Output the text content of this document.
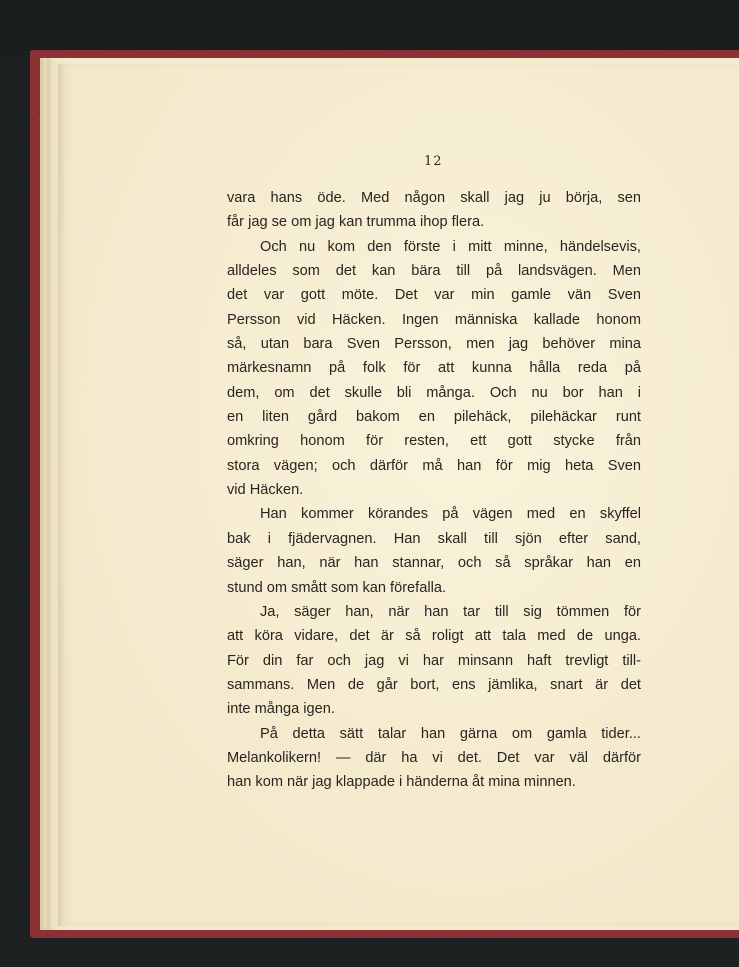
12
vara hans öde. Med någon skall jag ju börja, sen
får jag se om jag kan trumma ihop flera.
Och nu kom den förste i mitt minne, händelsevis,
alldeles som det kan bära till på landsvägen. Men
det var gott möte. Det var min gamle vän Sven
Persson vid Häcken. Ingen människa kallade honom
så, utan bara Sven Persson, men jag behöver mina
märkesnamn på folk för att kunna hålla reda på
dem, om det skulle bli många. Och nu bor han i
en liten gård bakom en pilehäck, pilehäckar runt
omkring honom för resten, ett gott stycke från
stora vägen; och därför må han för mig heta Sven
vid Häcken.
Han kommer körandes på vägen med en skyffel
bak i fjädervagnen. Han skall till sjön efter sand,
säger han, när han stannar, och så språkar han en
stund om smått som kan förefalla.
Ja, säger han, när han tar till sig tömmen för
att köra vidare, det är så roligt att tala med de unga.
För din far och jag vi har minsann haft trevligt till-
sammans. Men de går bort, ens jämlika, snart är det
inte många igen.
På detta sätt talar han gärna om gamla tider...
Melankolikern! — där ha vi det. Det var väl därför
han kom när jag klappade i händerna åt mina minnen.
